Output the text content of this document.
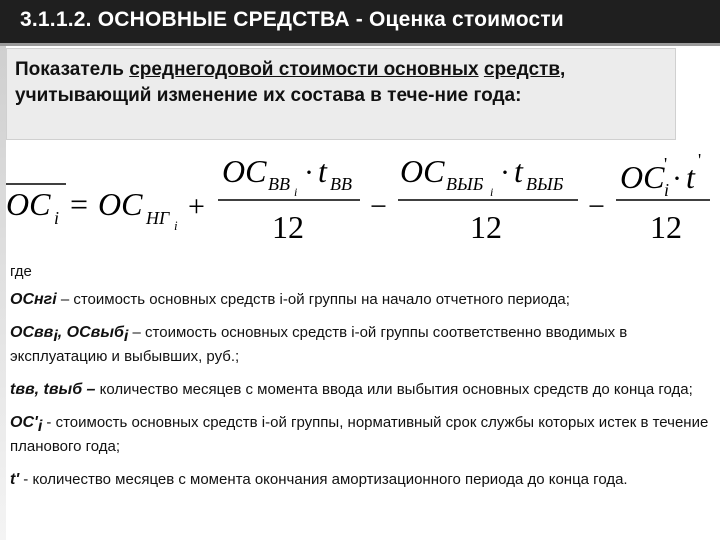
3.1.1.2. ОСНОВНЫЕ СРЕДСТВА - Оценка стоимости
Показатель среднегодовой стоимости основных средств, учитывающий изменение их состава в тече-ние года:
OC i = OC НГ i
+
OC ВВ i
· t ВВ
12
−
OC ВЫБ i
· t ВЫБ
12
−
OC '
i · t '
12

где

ОСнгi – стоимость основных средств i-ой группы на начало отчетного периода;

ОСвв$_i$, ОСвыб$_i$ – стоимость основных средств i-ой группы соответственно вводимых в эксплуатацию и выбывших, руб.;

tвв, tвыб – количество месяцев с момента ввода или выбытия основных средств до конца года;

$ОС'_i$ - стоимость основных средств i-ой группы, нормативный срок службы которых истек в течение планового года;

t' - количество месяцев с момента окончания амортизационного периода до конца года.
